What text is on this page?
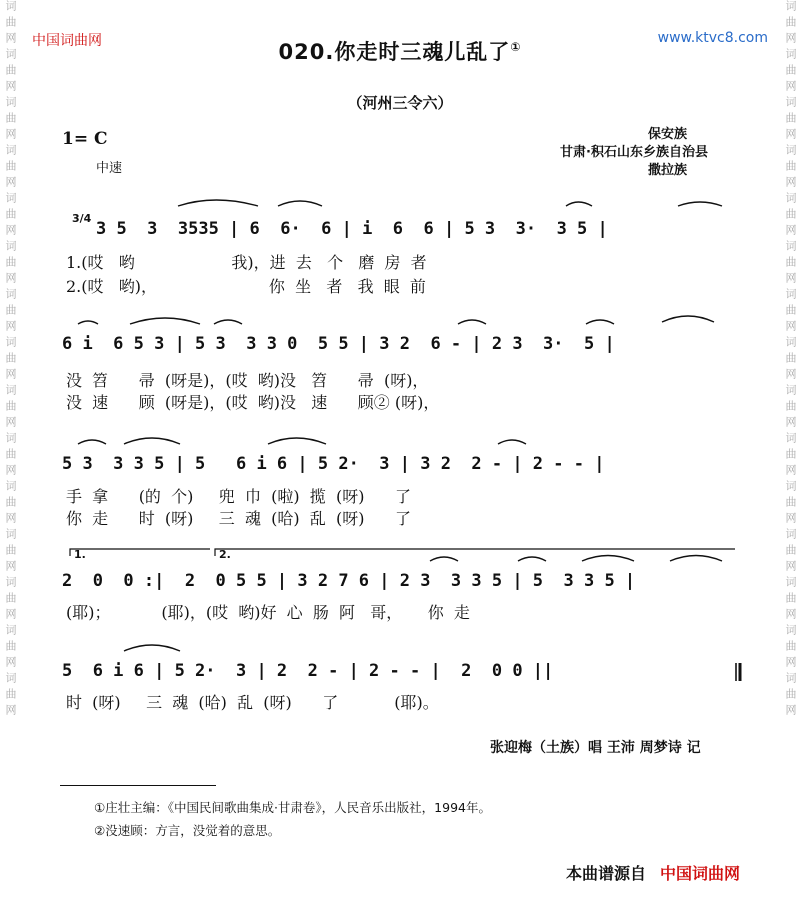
词曲网词曲网词曲网词曲网词曲网词曲网词曲网词曲网词曲网词曲网词曲网词曲网词曲网词曲网词曲网	词曲网词曲网词曲网词曲网词曲网词曲网词曲网词曲网词曲网词曲网词曲网词曲网词曲网词曲网词曲网
中国词曲网	www.ktvc8.com
020.你走时三魂儿乱了①
（河州三令六）
1= C
中速
保安族
甘肃·积石山东乡族自治县
撒拉族
3/4
3 5  3  3535 | 6  6·  6 | i  6  6 | 5 3  3·  3 5 |
1.(哎   哟                   我)，进  去   个   磨  房  者
2.(哎   哟)，                      你  坐   者   我  眼  前
6 i  6 5 3 | 5 3  3 3 0  5 5 | 3 2  6 - | 2 3  3·  5 |
没  笤      帚  (呀是)，(哎  哟)没   笤      帚  (呀)，
没  速      顾  (呀是)，(哎  哟)没   速      顾② (呀)，
5 3  3 3 5 | 5   6 i 6 | 5 2·  3 | 3 2  2 - | 2 - - |
手  拿      (的  个)     兜  巾  (啦)  揽  (呀)      了
你  走      时  (呀)     三  魂  (哈)  乱  (呀)      了
1.	2.
2  0  0 :|  2  0 5 5 | 3 2 7 6 | 2 3  3 3 5 | 5  3 3 5 |
(耶)；          (耶)，(哎  哟)好  心  肠  阿   哥，     你  走
5  6 i 6 | 5 2·  3 | 2  2 - | 2 - - |  2  0 0 ||
时  (呀)     三  魂  (哈)  乱  (呀)      了           (耶)。
张迎梅（土族）唱 王沛 周梦诗 记
①庄壮主编：《中国民间歌曲集成·甘肃卷》，人民音乐出版社，1994年。
②没速顾：方言，没觉着的意思。
本曲谱源自 中国词曲网
